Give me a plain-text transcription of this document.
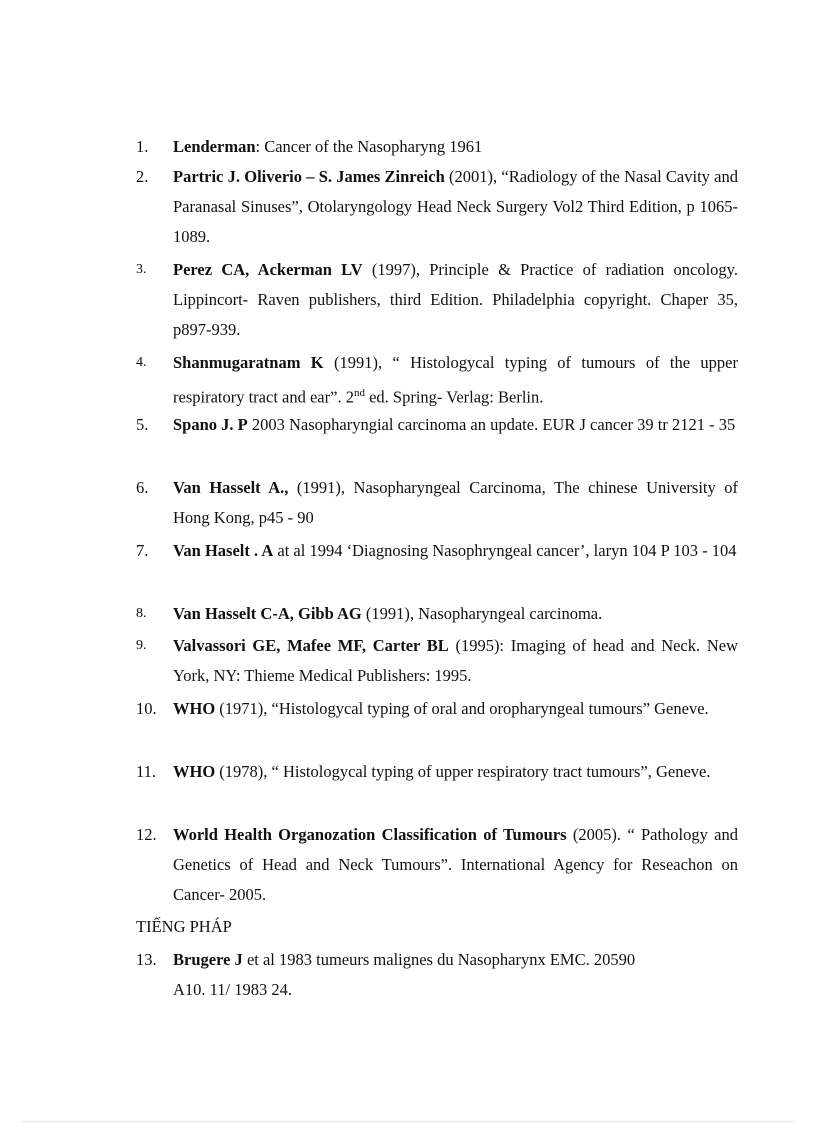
1.	Lenderman: Cancer of the Nasopharyng 1961
2.	Partric J. Oliverio – S. James Zinreich (2001), “Radiology of the Nasal Cavity and Paranasal Sinuses”, Otolaryngology Head Neck Surgery Vol2 Third Edition, p 1065-1089.
3.	Perez CA, Ackerman LV (1997), Principle & Practice of radiation oncology. Lippincort- Raven publishers, third Edition. Philadelphia copyright. Chaper 35, p897-939.
4.	Shanmugaratnam K (1991), “ Histologycal typing of tumours of the upper respiratory tract and ear”. 2nd ed. Spring- Verlag: Berlin.
5.	Spano J. P 2003 Nasopharyngial carcinoma an update. EUR J cancer 39 tr 2121 - 35
6.	Van Hasselt A., (1991), Nasopharyngeal Carcinoma, The chinese University of Hong Kong, p45 - 90
7.	Van Haselt . A at al 1994 ‘Diagnosing Nasophryngeal cancer’, laryn 104 P 103 - 104
8.	Van Hasselt C-A, Gibb AG (1991), Nasopharyngeal carcinoma.
9.	Valvassori GE, Mafee MF, Carter BL (1995): Imaging of head and Neck. New York, NY: Thieme Medical Publishers: 1995.
10. WHO (1971), “Histologycal typing of oral and oropharyngeal tumours” Geneve.
11.	WHO (1978), “ Histologycal typing of upper respiratory tract tumours”, Geneve.
12. World Health Organozation Classification of Tumours (2005). “ Pathology and Genetics of Head and Neck Tumours”. International Agency for Reseachon on Cancer- 2005.
TIẾNG PHÁP
13. Brugere J et al 1983 tumeurs malignes du Nasopharynx EMC. 20590
A10. 11/ 1983 24.
